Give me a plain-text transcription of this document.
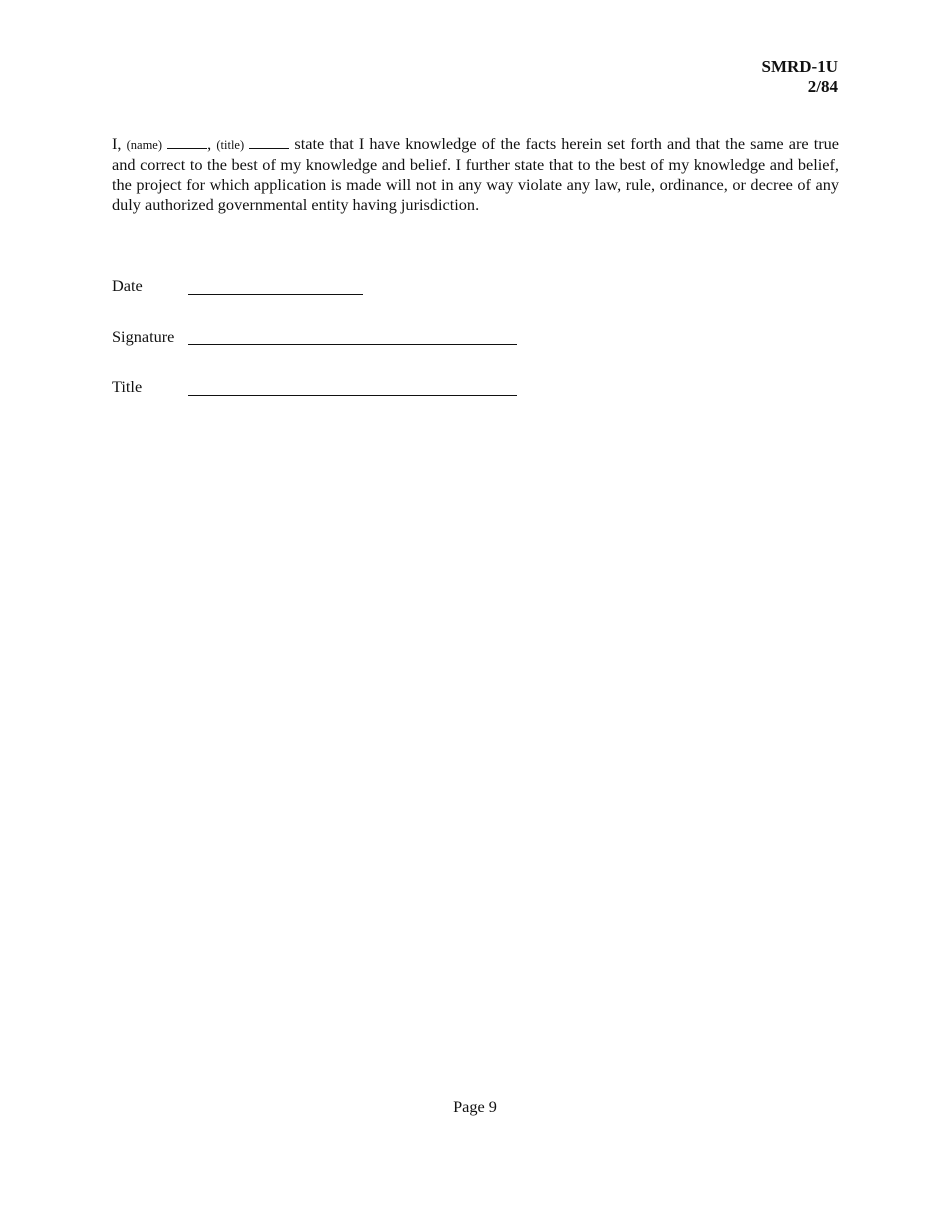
SMRD-1U
2/84
I, (name)	, (title)	state that I have knowledge of the facts herein set forth and that the same are true and correct to the best of my knowledge and belief. I further state that to the best of my knowledge and belief, the project for which application is made will not in any way violate any law, rule, ordinance, or decree of any duly authorized governmental entity having jurisdiction.
Date
Signature
Title
Page 9
